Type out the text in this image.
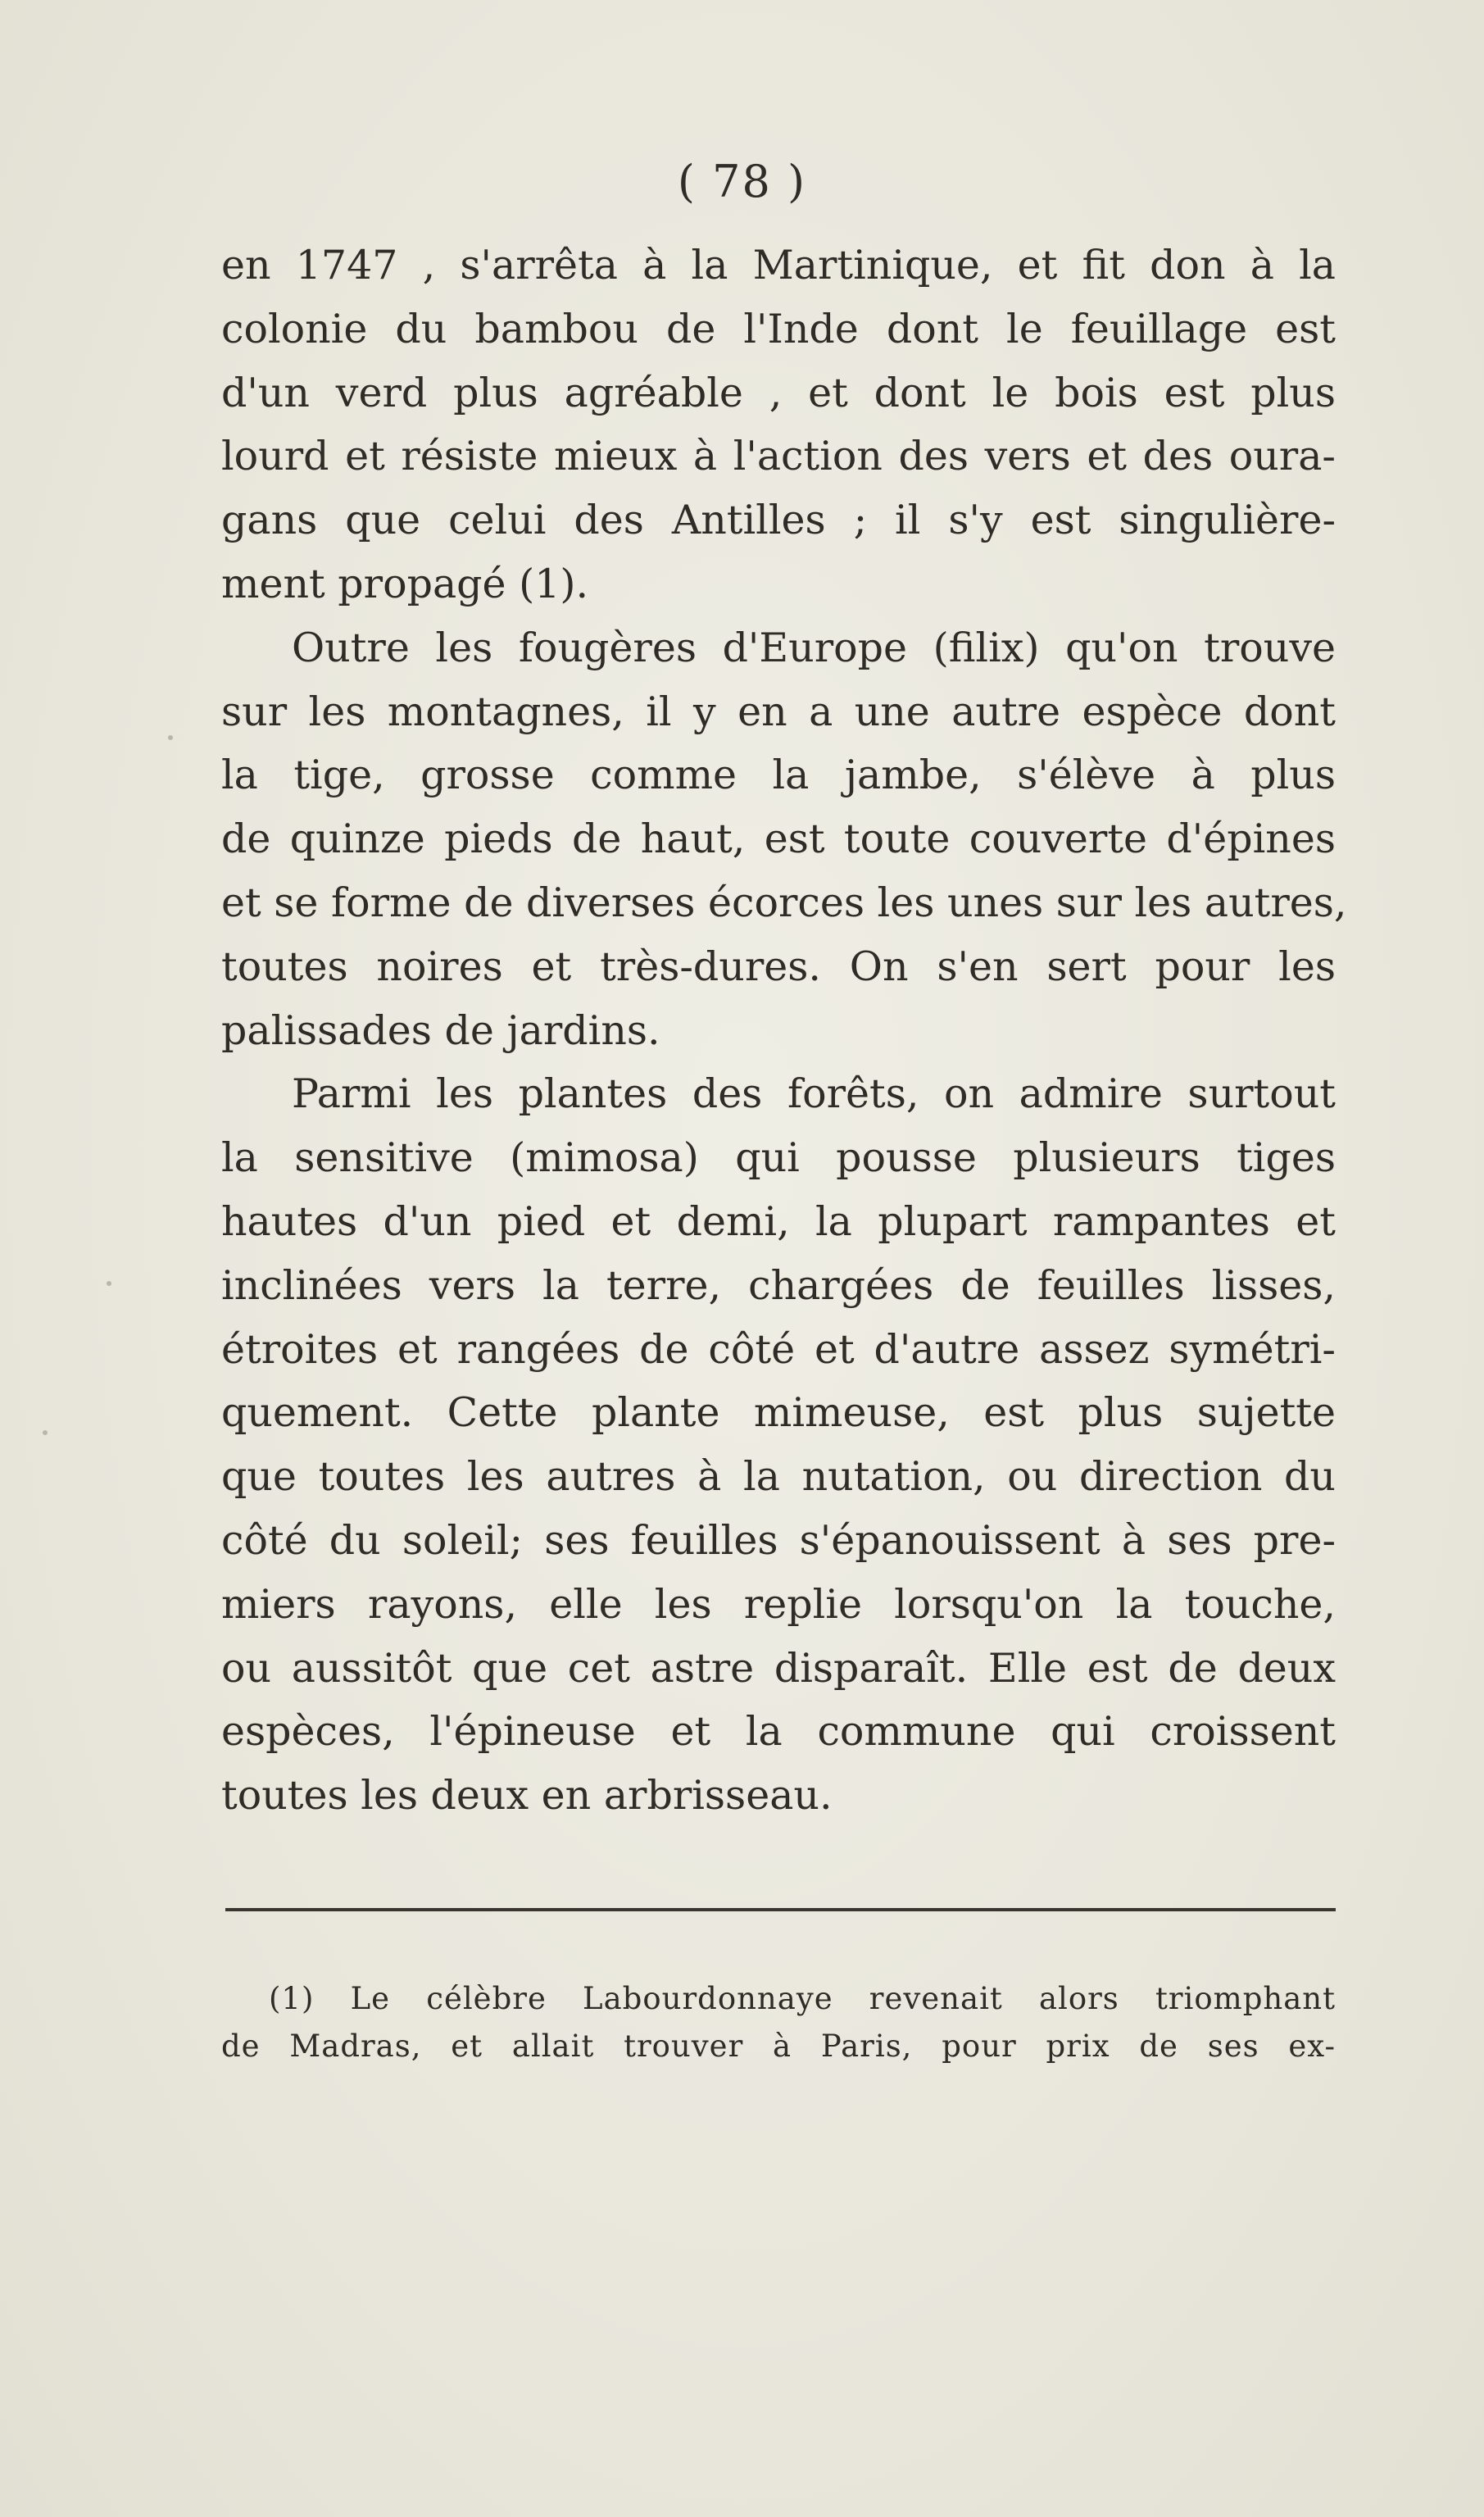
( 78 )
en 1747 , s'arrêta à la Martinique, et fit don à la
colonie du bambou de l'Inde dont le feuillage est
d'un verd plus agréable , et dont le bois est plus
lourd et résiste mieux à l'action des vers et des oura-
gans que celui des Antilles ; il s'y est singulière-
ment propagé (1).
Outre les fougères d'Europe (filix) qu'on trouve
sur les montagnes, il y en a une autre espèce dont
la tige, grosse comme la jambe, s'élève à plus
de quinze pieds de haut, est toute couverte d'épines
et se forme de diverses écorces les unes sur les autres,
toutes noires et très-dures. On s'en sert pour les
palissades de jardins.
Parmi les plantes des forêts, on admire surtout
la sensitive (mimosa) qui pousse plusieurs tiges
hautes d'un pied et demi, la plupart rampantes et
inclinées vers la terre, chargées de feuilles lisses,
étroites et rangées de côté et d'autre assez symétri-
quement. Cette plante mimeuse, est plus sujette
que toutes les autres à la nutation, ou direction du
côté du soleil; ses feuilles s'épanouissent à ses pre-
miers rayons, elle les replie lorsqu'on la touche,
ou aussitôt que cet astre disparaît. Elle est de deux
espèces, l'épineuse et la commune qui croissent
toutes les deux en arbrisseau.
(1) Le célèbre Labourdonnaye revenait alors triomphant
de Madras, et allait trouver à Paris, pour prix de ses ex-
